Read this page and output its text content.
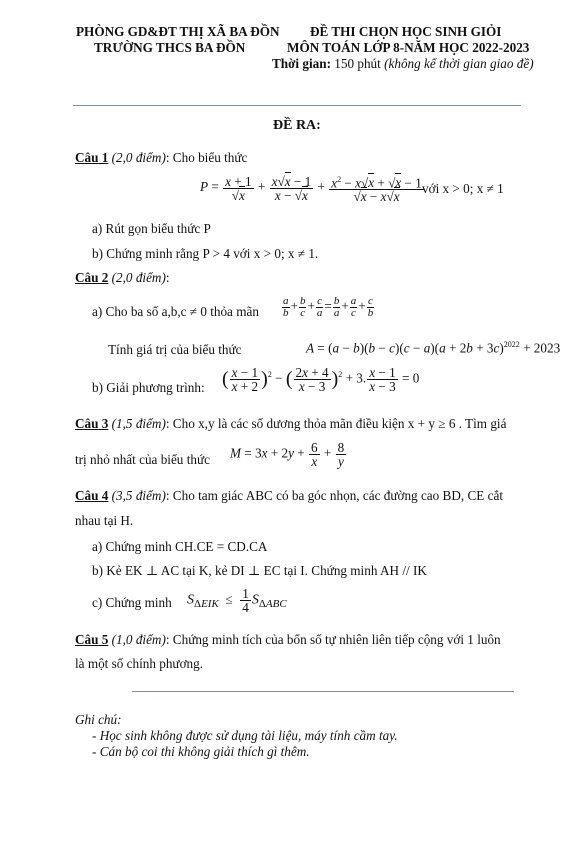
PHÒNG GD&ĐT THỊ XÃ BA ĐỒN
TRƯỜNG THCS BA ĐỒN
ĐỀ THI CHỌN HỌC SINH GIỎI
MÔN TOÁN LỚP 8-NĂM HỌC 2022-2023
Thời gian: 150 phút (không kể thời gian giao đề)
ĐỀ RA:
Câu 1 (2,0 điểm): Cho biểu thức
$P = \frac{x + 1}{√x} + \frac{x√x - 1}{x - √x} + \frac{x^2 - x√x + √x - 1}{√x - x√x}$
với x > 0; x ≠ 1
a) Rút gọn biểu thức P
b) Chứng minh rằng P > 4 với x > 0; x ≠ 1.
Câu 2 (2,0 điểm):
a) Cho ba số a,b,c ≠ 0 thỏa mãn $\frac{a}{b} + \frac{b}{c} + \frac{c}{a} = \frac{b}{a} + \frac{a}{c} + \frac{c}{b}$
Tính giá trị của biểu thức	$A = (a - b)(b - c)(c - a)(a + 2b + 3c)^{2022} + 2023$
b) Giải phương trình: ( $\frac{x - 1}{x + 2} )^2$ − ( $\frac{2x + 4}{x - 3} )^2 + 3$. $\frac{x - 1}{x - 3} = 0$
Câu 3 (1,5 điểm): Cho x,y là các số dương thỏa mãn điều kiện x + y ≥ 6 . Tìm giá
trị nhỏ nhất của biểu thức $M = 3x + 2y + \frac{6}{x} + \frac{8}{y}$
Câu 4 (3,5 điểm): Cho tam giác ABC có ba góc nhọn, các đường cao BD, CE cắt
nhau tại H.
a) Chứng minh CH.CE = CD.CA
b) Kẻ EK ⊥ AC tại K, kẻ DI ⊥ EC tại I. Chứng minh AH // IK
c) Chứng minh $S_{\Delta EIK} \le \frac{1}{4} S_{\Delta ABC}$
Câu 5 (1,0 điểm): Chứng minh tích của bốn số tự nhiên liên tiếp cộng với 1 luôn
là một số chính phương.
Ghi chú:
- Học sinh không được sử dụng tài liệu, máy tính cầm tay.
- Cán bộ coi thi không giải thích gì thêm.
